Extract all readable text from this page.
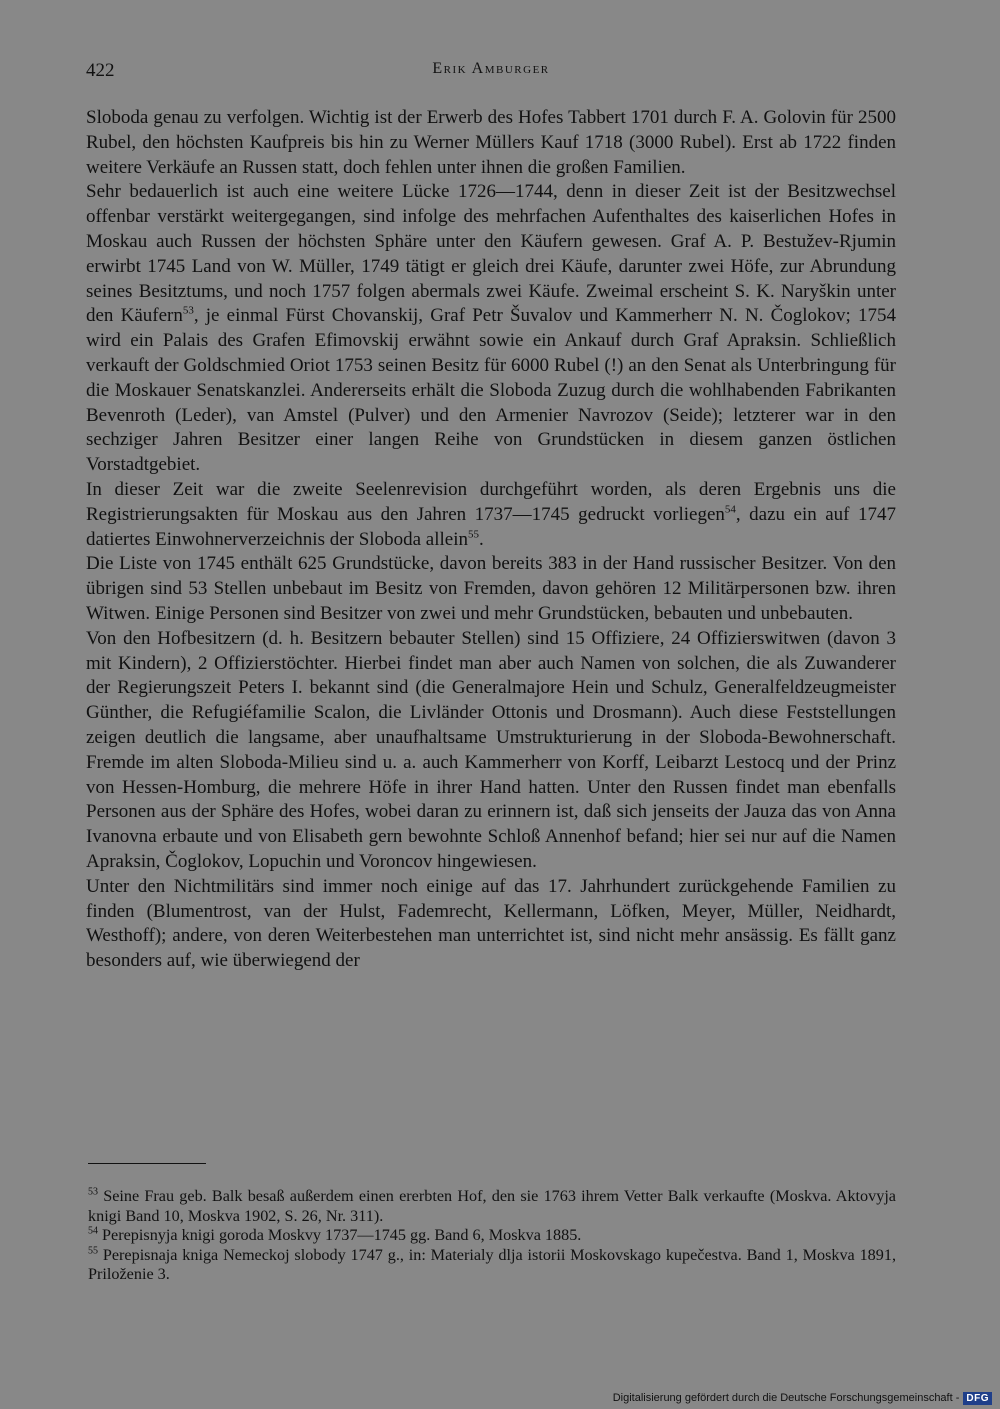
422	Erik Amburger

Sloboda genau zu verfolgen. Wichtig ist der Erwerb des Hofes Tabbert 1701 durch F. A. Golovin für 2500 Rubel, den höchsten Kaufpreis bis hin zu Werner Müllers Kauf 1718 (3000 Rubel). Erst ab 1722 finden weitere Verkäufe an Russen statt, doch fehlen unter ihnen die großen Familien.

Sehr bedauerlich ist auch eine weitere Lücke 1726—1744, denn in dieser Zeit ist der Besitzwechsel offenbar verstärkt weitergegangen, sind infolge des mehrfachen Aufenthaltes des kaiserlichen Hofes in Moskau auch Russen der höchsten Sphäre unter den Käufern gewesen. Graf A. P. Bestužev-Rjumin erwirbt 1745 Land von W. Müller, 1749 tätigt er gleich drei Käufe, darunter zwei Höfe, zur Abrundung seines Besitztums, und noch 1757 folgen abermals zwei Käufe. Zweimal erscheint S. K. Naryškin unter den Käufern$^{53}$, je einmal Fürst Chovanskij, Graf Petr Šuvalov und Kammerherr N. N. Čoglokov; 1754 wird ein Palais des Grafen Efimovskij erwähnt sowie ein Ankauf durch Graf Apraksin. Schließlich verkauft der Goldschmied Oriot 1753 seinen Besitz für 6000 Rubel (!) an den Senat als Unterbringung für die Moskauer Senatskanzlei. Andererseits erhält die Sloboda Zuzug durch die wohlhabenden Fabrikanten Bevenroth (Leder), van Amstel (Pulver) und den Armenier Navrozov (Seide); letzterer war in den sechziger Jahren Besitzer einer langen Reihe von Grundstücken in diesem ganzen östlichen Vorstadtgebiet.

In dieser Zeit war die zweite Seelenrevision durchgeführt worden, als deren Ergebnis uns die Registrierungsakten für Moskau aus den Jahren 1737—1745 gedruckt vorliegen$^{54}$, dazu ein auf 1747 datiertes Einwohnerverzeichnis der Sloboda allein$^{55}$.

Die Liste von 1745 enthält 625 Grundstücke, davon bereits 383 in der Hand russischer Besitzer. Von den übrigen sind 53 Stellen unbebaut im Besitz von Fremden, davon gehören 12 Militärpersonen bzw. ihren Witwen. Einige Personen sind Besitzer von zwei und mehr Grundstücken, bebauten und unbebauten.

Von den Hofbesitzern (d. h. Besitzern bebauter Stellen) sind 15 Offiziere, 24 Offizierswitwen (davon 3 mit Kindern), 2 Offizierstöchter. Hierbei findet man aber auch Namen von solchen, die als Zuwanderer der Regierungszeit Peters I. bekannt sind (die Generalmajore Hein und Schulz, Generalfeldzeugmeister Günther, die Refugiéfamilie Scalon, die Livländer Ottonis und Drosmann). Auch diese Feststellungen zeigen deutlich die langsame, aber unaufhaltsame Umstrukturierung in der Sloboda-Bewohnerschaft. Fremde im alten Sloboda-Milieu sind u. a. auch Kammerherr von Korff, Leibarzt Lestocq und der Prinz von Hessen-Homburg, die mehrere Höfe in ihrer Hand hatten. Unter den Russen findet man ebenfalls Personen aus der Sphäre des Hofes, wobei daran zu erinnern ist, daß sich jenseits der Jauza das von Anna Ivanovna erbaute und von Elisabeth gern bewohnte Schloß Annenhof befand; hier sei nur auf die Namen Apraksin, Čoglokov, Lopuchin und Voroncov hingewiesen.

Unter den Nichtmilitärs sind immer noch einige auf das 17. Jahrhundert zurückgehende Familien zu finden (Blumentrost, van der Hulst, Fademrecht, Kellermann, Löfken, Meyer, Müller, Neidhardt, Westhoff); andere, von deren Weiterbestehen man unterrichtet ist, sind nicht mehr ansässig. Es fällt ganz besonders auf, wie überwiegend der

$^{53}$ Seine Frau geb. Balk besaß außerdem einen ererbten Hof, den sie 1763 ihrem Vetter Balk verkaufte (Moskva. Aktovyja knigi Band 10, Moskva 1902, S. 26, Nr. 311).

$^{54}$ Perepisnyja knigi goroda Moskvy 1737—1745 gg. Band 6, Moskva 1885.

$^{55}$ Perepisnaja kniga Nemeckoj slobody 1747 g., in: Materialy dlja istorii Moskovskago kupečestva. Band 1, Moskva 1891, Priloženie 3.

Digitalisierung gefördert durch die Deutsche Forschungsgemeinschaft - DFG
